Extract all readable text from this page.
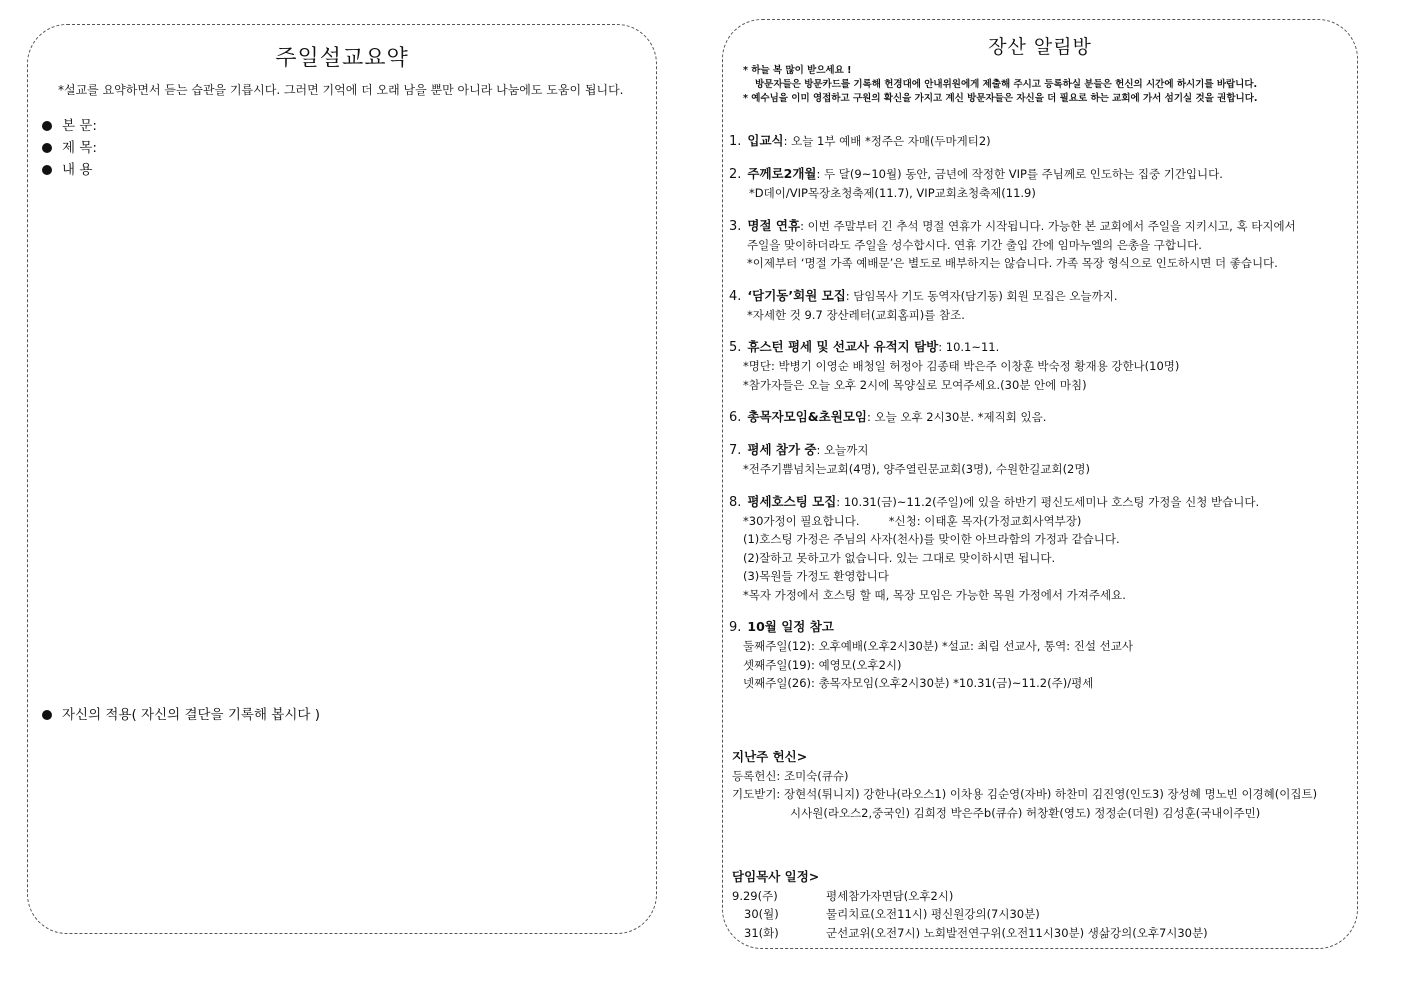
주일설교요약
*설교를 요약하면서 듣는 습관을 기릅시다. 그러면 기억에 더 오래 남을 뿐만 아니라 나눔에도 도움이 됩니다.
본 문:
제 목:
내 용
자신의 적용( 자신의 결단을 기록해 봅시다 )
장산 알림방
* 하늘 복 많이 받으세요 !
방문자들은 방문카드를 기록해 헌경대에 안내위원에게 제출해 주시고 등록하실 분들은 헌신의 시간에 하시기를 바랍니다.
* 예수님을 이미 영접하고 구원의 확신을 가지고 계신 방문자들은 자신을 더 필요로 하는 교회에 가서 섬기실 것을 권합니다.
1. 입교식: 오늘 1부 예배 *정주은 자매(두마게티2)
2. 주께로2개월: 두 달(9~10월) 동안, 금년에 작정한 VIP를 주님께로 인도하는 집중 기간입니다.
*D데이/VIP목장초청축제(11.7), VIP교회초청축제(11.9)
3. 명절 연휴: 이번 주말부터 긴 추석 명절 연휴가 시작됩니다. 가능한 본 교회에서 주일을 지키시고, 혹 타지에서
주일을 맞이하더라도 주일을 성수합시다. 연휴 기간 출입 간에 임마누엘의 은총을 구합니다.
*이제부터 ‘명절 가족 예배문’은 별도로 배부하지는 않습니다. 가족 목장 형식으로 인도하시면 더 좋습니다.
4. ‘담기동’회원 모집: 담임목사 기도 동역자(담기동) 회원 모집은 오늘까지.
*자세한 것 9.7 장산레터(교회홈피)를 참조.
5. 휴스턴 평세 및 선교사 유적지 탐방: 10.1~11.
*명단: 박병기 이영순 배청일 허정아 김종태 박은주 이창훈 박숙정 황재용 강한나(10명)
*참가자들은 오늘 오후 2시에 목양실로 모여주세요.(30분 안에 마침)
6. 총목자모임&초원모임: 오늘 오후 2시30분. *제직회 있음.
7. 평세 참가 중: 오늘까지
*전주기쁨넘치는교회(4명), 양주열린문교회(3명), 수원한길교회(2명)
8. 평세호스팅 모집: 10.31(금)~11.2(주일)에 있을 하반기 평신도세미나 호스팅 가정을 신청 받습니다.
*30가정이 필요합니다.        *신청: 이태훈 목자(가정교회사역부장)
(1)호스팅 가정은 주님의 사자(천사)를 맞이한 아브라함의 가정과 같습니다.
(2)잘하고 못하고가 없습니다. 있는 그대로 맞이하시면 됩니다.
(3)목원들 가정도 환영합니다
*목자 가정에서 호스팅 할 때, 목장 모임은 가능한 목원 가정에서 가져주세요.
9. 10월 일정 참고
둘째주일(12): 오후예배(오후2시30분) *설교: 최림 선교사, 통역: 진설 선교사
셋째주일(19): 예영모(오후2시)
넷째주일(26): 총목자모임(오후2시30분) *10.31(금)~11.2(주)/평세
지난주 헌신>
등록헌신: 조미숙(큐슈)
기도받기: 장현석(튀니지) 강한나(라오스1) 이차용 김순영(자바) 하찬미 김진영(인도3) 장성혜 명노빈 이경혜(이집트)
시사원(라오스2,중국인) 김희정 박은주b(큐슈) 허창환(영도) 정정순(더원) 김성훈(국내이주민)
담임목사 일정>
9.29(주)	평세참가자면담(오후2시)
30(월)	물리치료(오전11시) 평신원강의(7시30분)
31(화)	군선교위(오전7시) 노회발전연구위(오전11시30분) 생삶강의(오후7시30분)
